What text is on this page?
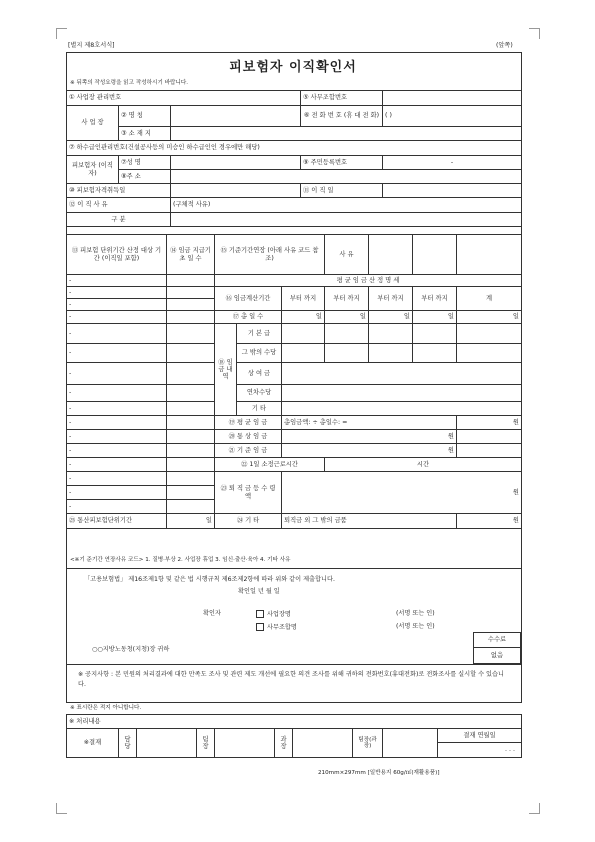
[별지 제8호서식]	(앞쪽)
피보험자 이직확인서
※ 뒤쪽의 작성요령을 읽고 작성하시기 바랍니다.
① 사업장 관리번호			⑤ 사무조합번호	
사 업 장	② 명 칭		⑥ 전 화 번 호 (휴 대 전 화)	( )
	③ 소 재 지			
⑦ 하수급인관리번호(건설공사등의 미승인 하수급인인 경우에만 해당)				
피보험자 (이직자)	⑦성 명		⑨ 주민등록번호	-
	⑧주 소			
⑩ 피보험자격취득일			⑪ 이 직 일	
⑫ 이 직 사 유		(구체적 사유)		
구 분				
⑬ 피보험 단위기간 산정 대상 기간 (이직일 포함)	⑭ 임금 지급기초 일 수	⑮ 기준기간연장 (아래 사유 코드 참조)			사 유			

-		평 균 임 금 산 정 명 세						
-		⑯ 임금계산기간		부터 까지	부터 까지	부터 까지	부터 까지	계
-								
-		⑰ 총 일 수		일	일	일	일	일
-		⑱ 임 금 내 역	기 본 급					
-			그 밖의 수당					
-			상 여 금					
-			연차수당					
-			기 타					
-		⑲ 평 균 임 금		총임금액: ÷ 총일수: =				원
-		⑳ 통 상 임 금		원				
-		㉑ 기 준 임 금		원				
-		㉒ 1일 소정근로시간			시간			
-		㉓ 퇴 직 금 등 수 령 액		원				
-								
-								
㉕ 통산피보험단위기간	일	㉔ 기 타		퇴직금 외 그 밖의 금품				원
<※기 준기간 연장사유 코드> 1. 질병·부상 2. 사업장 휴업 3. 임신·출산·육아 4. 기타 사유
「고용보험법」 제16조제1항 및 같은 법 시행규칙 제6조제2항에 따라 위와 같이 제출합니다.
확인일 년 월 일
확인자	사업장명	(서명 또는 인)
사무조합명	(서명 또는 인)
○○지방노동청(지청)장 귀하
수수료
없음
※ 공지사항 : 본 민원의 처리결과에 대한 만족도 조사 및 관련 제도 개선에 필요한 의견 조사를 위해 귀하의 전화번호(휴대전화)로 전화조사를 실시할 수 있습니다.
※ 표시란은 적지 아니합니다.
※ 처리내용
※결재	담 당		팀 장		과 장		팀장(과 장)		
결재 연월일
. . .
210mm×297mm [일반용지 60g/㎡(재활용품)]
